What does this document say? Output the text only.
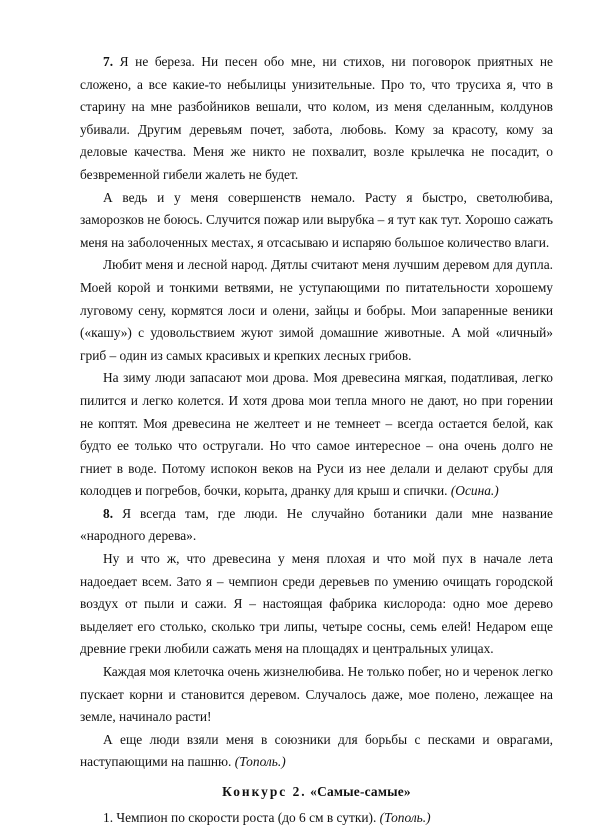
7. Я не береза. Ни песен обо мне, ни стихов, ни поговорок приятных не сложено, а все какие-то небылицы унизительные. Про то, что трусиха я, что в старину на мне разбойников вешали, что колом, из меня сделанным, колдунов убивали. Другим деревьям почет, забота, любовь. Кому за красоту, кому за деловые качества. Меня же никто не похвалит, возле крылечка не посадит, о безвременной гибели жалеть не будет.

А ведь и у меня совершенств немало. Расту я быстро, светолюбива, заморозков не боюсь. Случится пожар или вырубка – я тут как тут. Хорошо сажать меня на заболоченных местах, я отсасываю и испаряю большое количество влаги.

Любит меня и лесной народ. Дятлы считают меня лучшим деревом для дупла. Моей корой и тонкими ветвями, не уступающими по питательности хорошему луговому сену, кормятся лоси и олени, зайцы и бобры. Мои запаренные веники («кашу») с удовольствием жуют зимой домашние животные. А мой «личный» гриб – один из самых красивых и крепких лесных грибов.

На зиму люди запасают мои дрова. Моя древесина мягкая, податливая, легко пилится и легко колется. И хотя дрова мои тепла много не дают, но при горении не коптят. Моя древесина не желтеет и не темнеет – всегда остается белой, как будто ее только что остругали. Но что самое интересное – она очень долго не гниет в воде. Потому испокон веков на Руси из нее делали и делают срубы для колодцев и погребов, бочки, корыта, дранку для крыш и спички. (Осина.)

8. Я всегда там, где люди. Не случайно ботаники дали мне название «народного дерева».

Ну и что ж, что древесина у меня плохая и что мой пух в начале лета надоедает всем. Зато я – чемпион среди деревьев по умению очищать городской воздух от пыли и сажи. Я – настоящая фабрика кислорода: одно мое дерево выделяет его столько, сколько три липы, четыре сосны, семь елей! Недаром еще древние греки любили сажать меня на площадях и центральных улицах.

Каждая моя клеточка очень жизнелюбива. Не только побег, но и черенок легко пускает корни и становится деревом. Случалось даже, мое полено, лежащее на земле, начинало расти!

А еще люди взяли меня в союзники для борьбы с песками и оврагами, наступающими на пашню. (Тополь.)

Конкурс 2. «Самые-самые»

1. Чемпион по скорости роста (до 6 см в сутки). (Тополь.)
